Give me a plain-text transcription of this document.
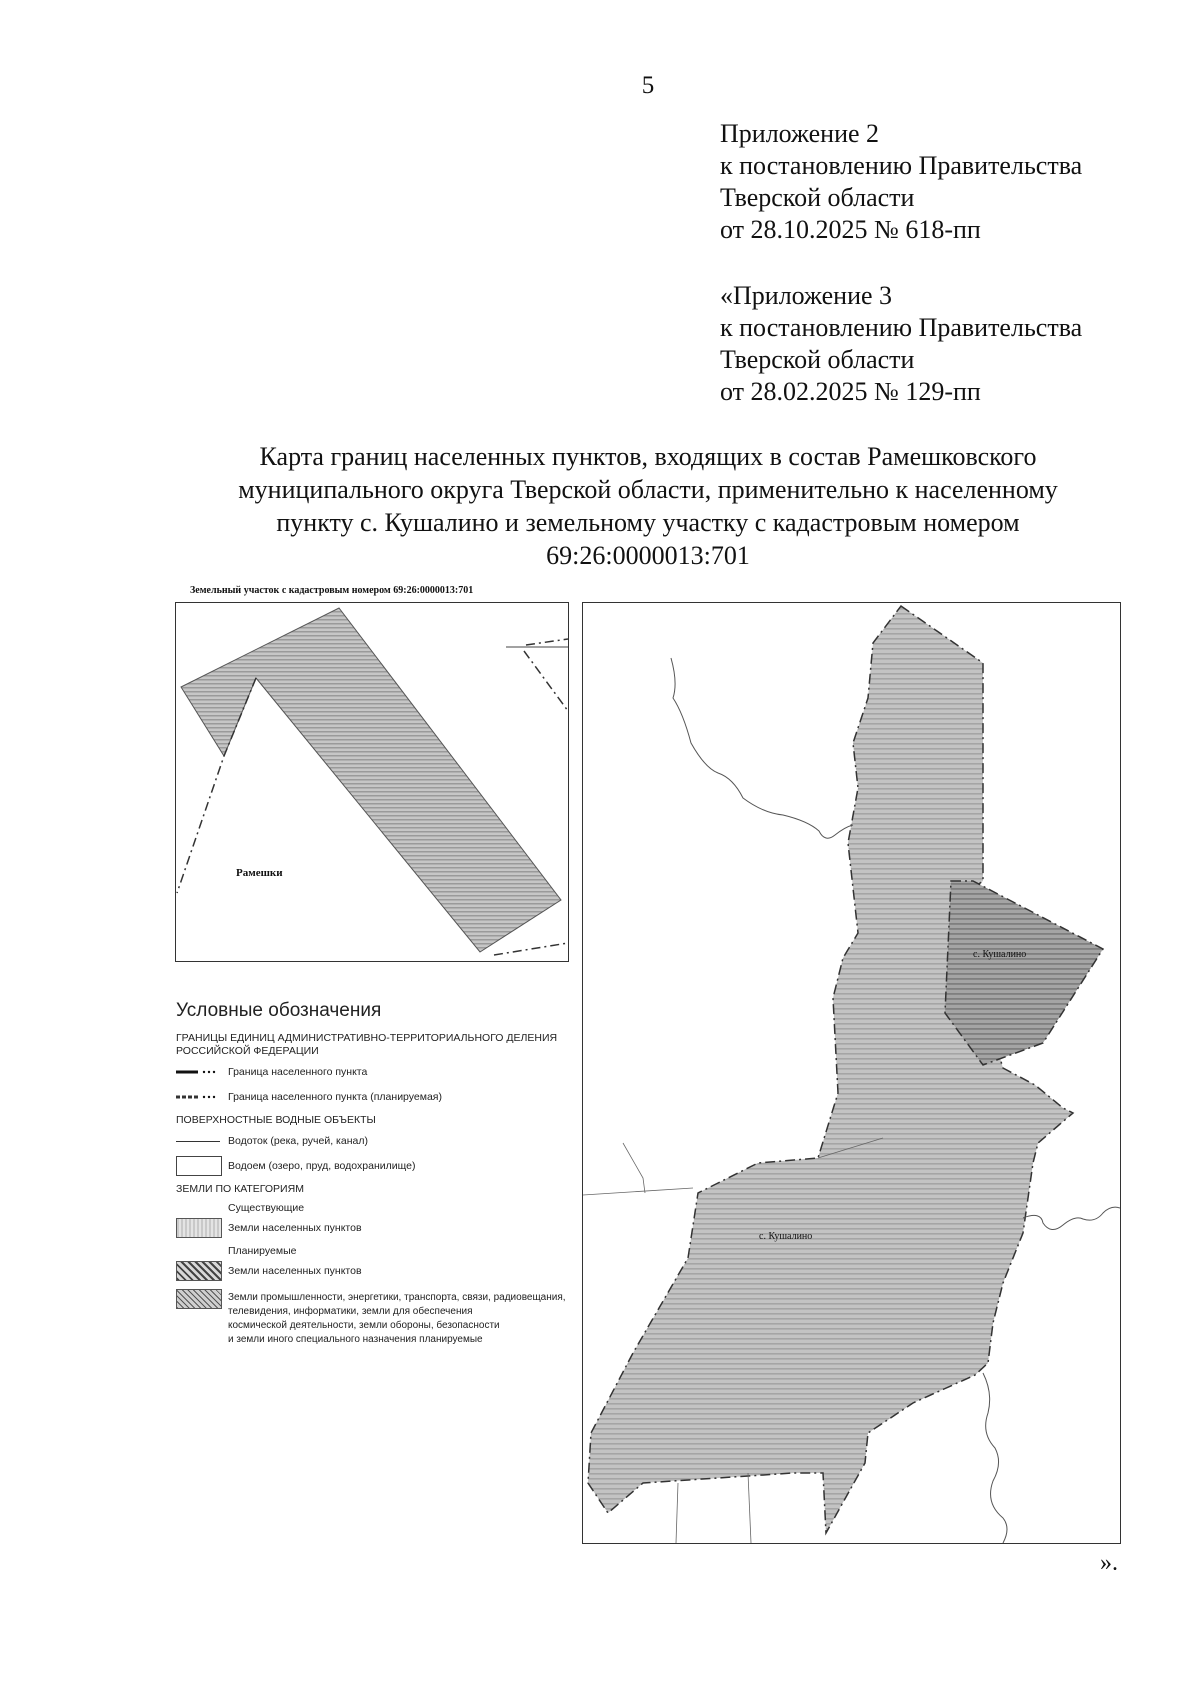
5
Приложение 2
к постановлению Правительства
Тверской области
от 28.10.2025 № 618-пп
«Приложение 3
к постановлению Правительства
Тверской области
от 28.02.2025 № 129-пп
Карта границ населенных пунктов, входящих в состав Рамешковского
муниципального округа Тверской области, применительно к населенному
пункту с. Кушалино и земельному участку с кадастровым номером
69:26:0000013:701
Земельный участок с кадастровым номером 69:26:0000013:701
Рамешки
с. Кушалино
с. Кушалино
Условные обозначения
ГРАНИЦЫ ЕДИНИЦ АДМИНИСТРАТИВНО-ТЕРРИТОРИАЛЬНОГО ДЕЛЕНИЯ РОССИЙСКОЙ ФЕДЕРАЦИИ
Граница населенного пункта
Граница населенного пункта (планируемая)
ПОВЕРХНОСТНЫЕ ВОДНЫЕ ОБЪЕКТЫ
Водоток (река, ручей, канал)
Водоем (озеро, пруд, водохранилище)
ЗЕМЛИ ПО КАТЕГОРИЯМ
Существующие
Земли населенных пунктов
Планируемые
Земли населенных пунктов
Земли промышленности, энергетики, транспорта, связи, радиовещания,
телевидения, информатики, земли для обеспечения
космической деятельности, земли обороны, безопасности
и земли иного специального назначения планируемые
».
